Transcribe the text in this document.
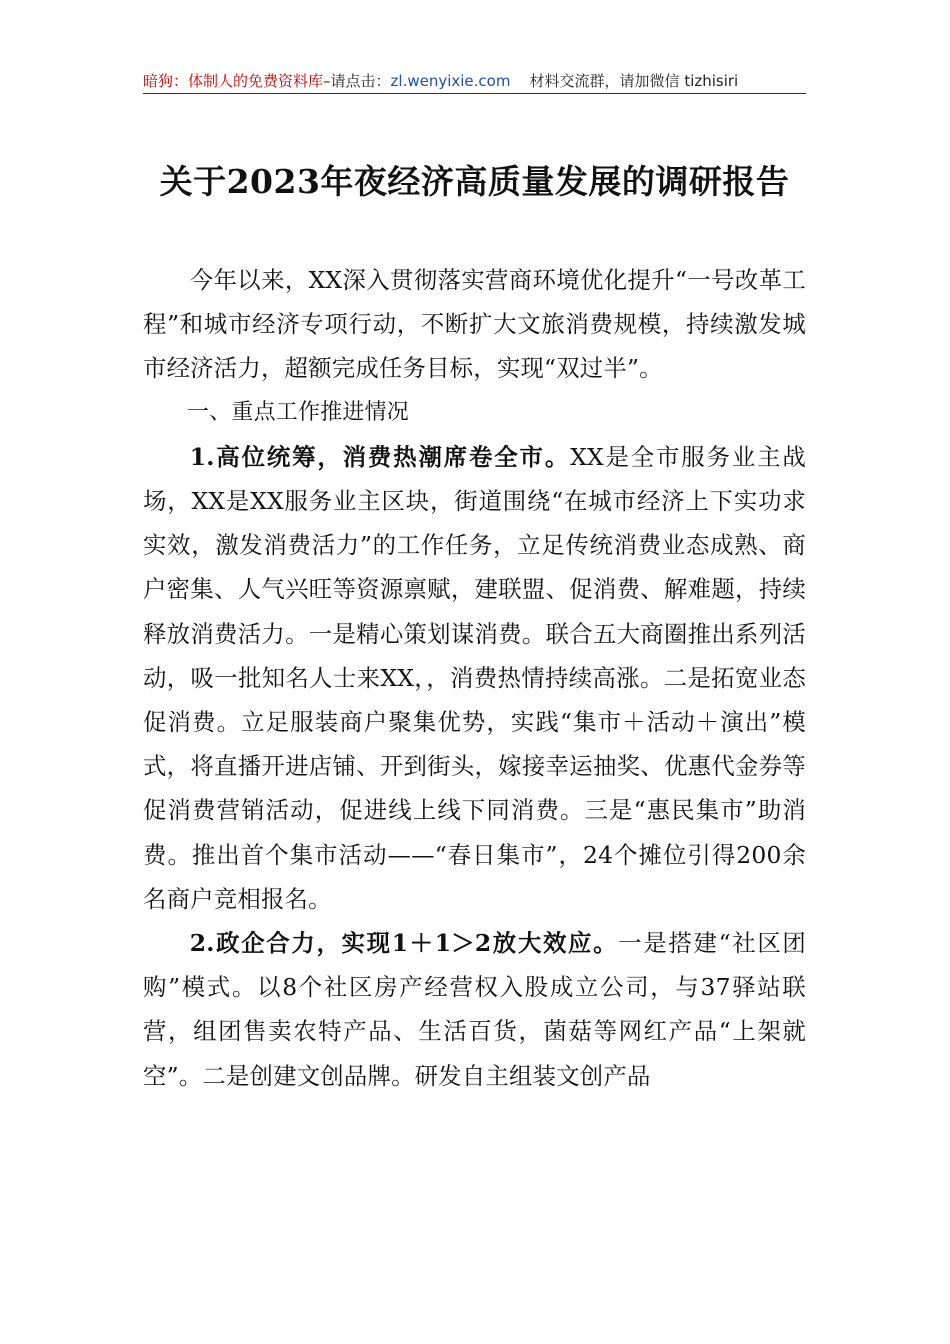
暗狗：体制人的免费资料库–请点击：zl.wenyixie.com 材料交流群，请加微信 tizhisiri
关于2023年夜经济高质量发展的调研报告

今年以来，XX深入贯彻落实营商环境优化提升“一号改革工程”和城市经济专项行动，不断扩大文旅消费规模，持续激发城市经济活力，超额完成任务目标，实现“双过半”。

一、重点工作推进情况

1.高位统筹，消费热潮席卷全市。XX是全市服务业主战场，XX是XX服务业主区块，街道围绕“在城市经济上下实功求实效，激发消费活力”的工作任务，立足传统消费业态成熟、商户密集、人气兴旺等资源禀赋，建联盟、促消费、解难题，持续释放消费活力。一是精心策划谋消费。联合五大商圈推出系列活动，吸一批知名人士来XX，，消费热情持续高涨。二是拓宽业态促消费。立足服装商户聚集优势，实践“集市＋活动＋演出”模式，将直播开进店铺、开到街头，嫁接幸运抽奖、优惠代金券等促消费营销活动，促进线上线下同消费。三是“惠民集市”助消费。推出首个集市活动——“春日集市”，24个摊位引得200余名商户竞相报名。

2.政企合力，实现1＋1＞2放大效应。一是搭建“社区团购”模式。以8个社区房产经营权入股成立公司，与37驿站联营，组团售卖农特产品、生活百货，菌菇等网红产品“上架就空”。二是创建文创品牌。研发自主组装文创产品
